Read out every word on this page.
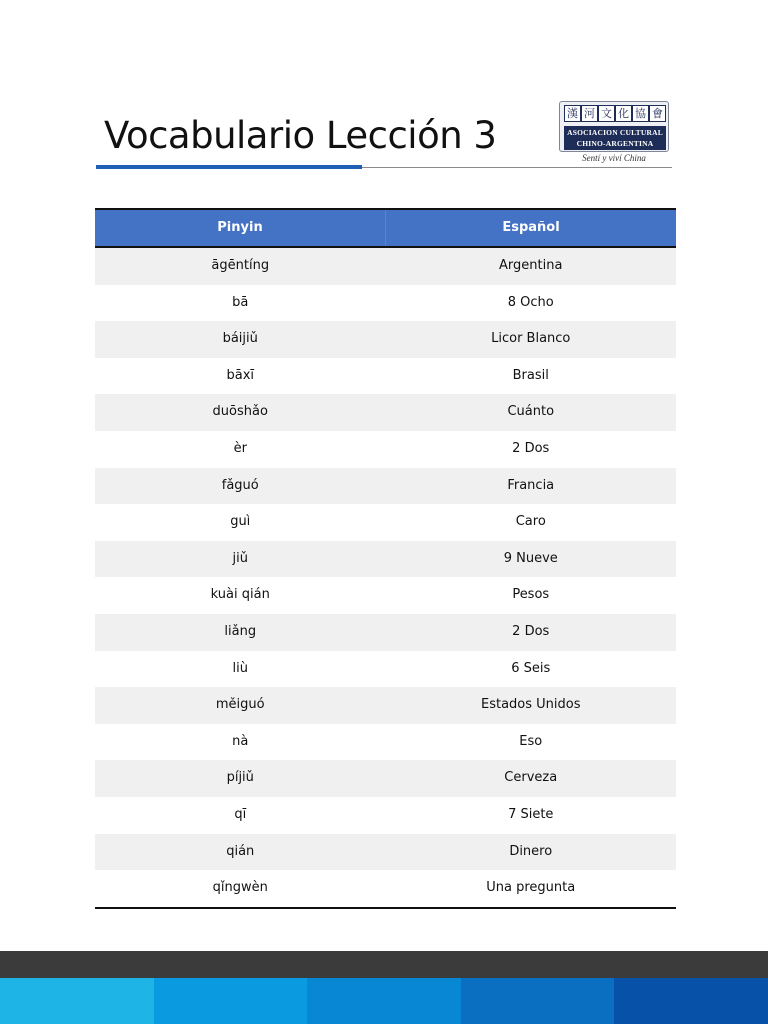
Vocabulario Lección 3
漢 河 文 化 協 會
ASOCIACION CULTURAL
CHINO-ARGENTINA
Sentí y viví China
Pinyin	Español
āgēntíng	Argentina
bā	8 Ocho
báijiǔ	Licor Blanco
bāxī	Brasil
duōshǎo	Cuánto
èr	2 Dos
fǎguó	Francia
guì	Caro
jiǔ	9 Nueve
kuài qián	Pesos
liǎng	2 Dos
liù	6 Seis
měiguó	Estados Unidos
nà	Eso
píjiǔ	Cerveza
qī	7 Siete
qián	Dinero
qǐngwèn	Una pregunta
